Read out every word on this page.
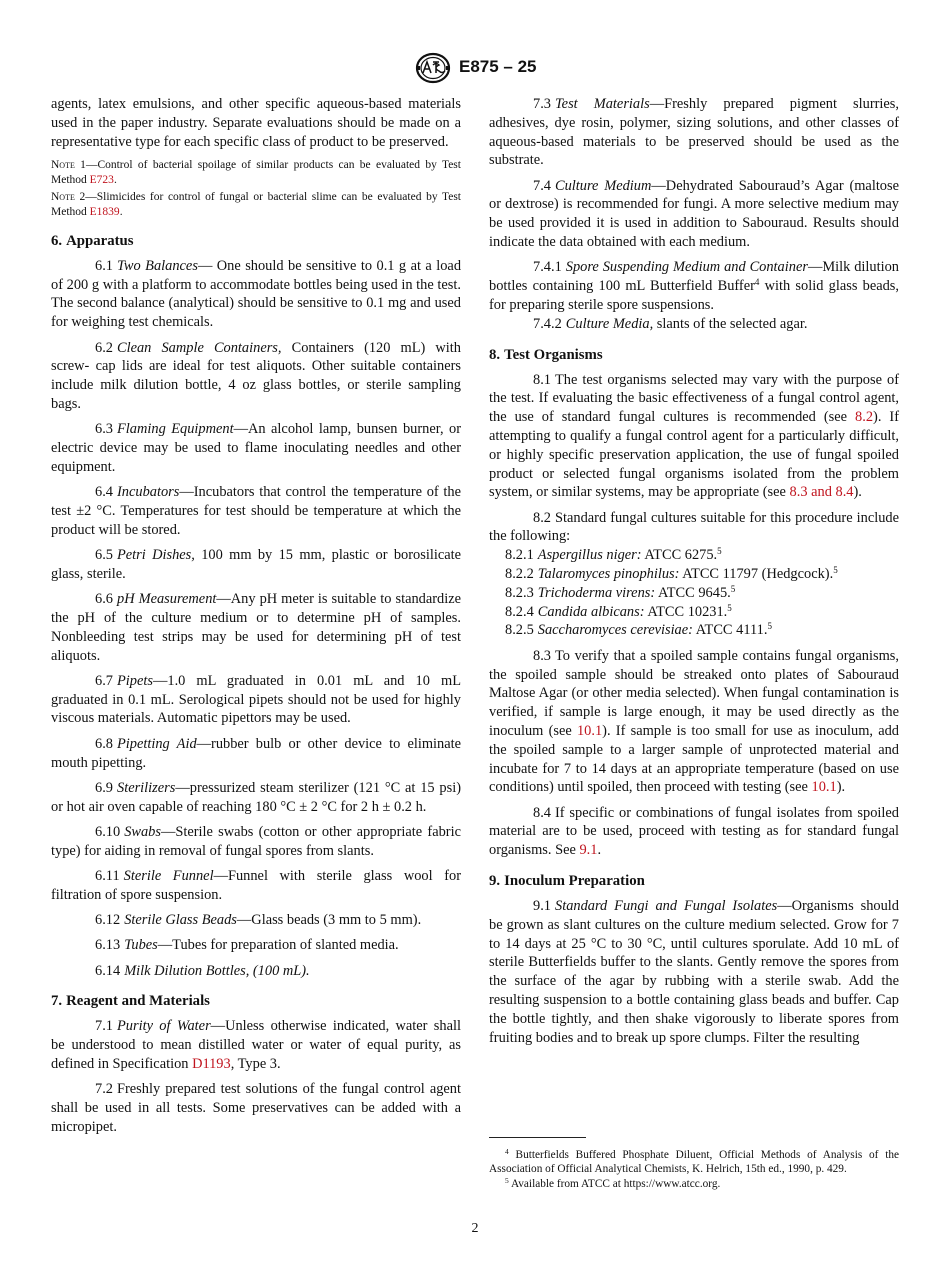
E875 – 25

agents, latex emulsions, and other specific aqueous-based materials used in the paper industry. Separate evaluations should be made on a representative type for each specific class of product to be preserved.

Note 1—Control of bacterial spoilage of similar products can be evaluated by Test Method E723.

Note 2—Slimicides for control of fungal or bacterial slime can be evaluated by Test Method E1839.

6. Apparatus

6.1 Two Balances— One should be sensitive to 0.1 g at a load of 200 g with a platform to accommodate bottles being used in the test. The second balance (analytical) should be sensitive to 0.1 mg and used for weighing test chemicals.

6.2 Clean Sample Containers, Containers (120 mL) with screw- cap lids are ideal for test aliquots. Other suitable containers include milk dilution bottle, 4 oz glass bottles, or sterile sampling bags.

6.3 Flaming Equipment—An alcohol lamp, bunsen burner, or electric device may be used to flame inoculating needles and other equipment.

6.4 Incubators—Incubators that control the temperature of the test ±2 °C. Temperatures for test should be temperature at which the product will be stored.

6.5 Petri Dishes, 100 mm by 15 mm, plastic or borosilicate glass, sterile.

6.6 pH Measurement—Any pH meter is suitable to standardize the pH of the culture medium or to determine pH of samples. Nonbleeding test strips may be used for determining pH of test aliquots.

6.7 Pipets—1.0 mL graduated in 0.01 mL and 10 mL graduated in 0.1 mL. Serological pipets should not be used for highly viscous materials. Automatic pipettors may be used.

6.8 Pipetting Aid—rubber bulb or other device to eliminate mouth pipetting.

6.9 Sterilizers—pressurized steam sterilizer (121 °C at 15 psi) or hot air oven capable of reaching 180 °C ± 2 °C for 2 h ± 0.2 h.

6.10 Swabs—Sterile swabs (cotton or other appropriate fabric type) for aiding in removal of fungal spores from slants.

6.11 Sterile Funnel—Funnel with sterile glass wool for filtration of spore suspension.

6.12 Sterile Glass Beads—Glass beads (3 mm to 5 mm).

6.13 Tubes—Tubes for preparation of slanted media.

6.14 Milk Dilution Bottles, (100 mL).

7. Reagent and Materials

7.1 Purity of Water—Unless otherwise indicated, water shall be understood to mean distilled water or water of equal purity, as defined in Specification D1193, Type 3.

7.2 Freshly prepared test solutions of the fungal control agent shall be used in all tests. Some preservatives can be added with a micropipet.

7.3 Test Materials—Freshly prepared pigment slurries, adhesives, dye rosin, polymer, sizing solutions, and other classes of aqueous-based materials to be preserved should be used as the substrate.

7.4 Culture Medium—Dehydrated Sabouraud’s Agar (maltose or dextrose) is recommended for fungi. A more selective medium may be used provided it is used in addition to Sabouraud. Results should indicate the data obtained with each medium.

7.4.1 Spore Suspending Medium and Container—Milk dilution bottles containing 100 mL Butterfield Buffer$^4$ with solid glass beads, for preparing sterile spore suspensions.

7.4.2 Culture Media, slants of the selected agar.

8. Test Organisms

8.1 The test organisms selected may vary with the purpose of the test. If evaluating the basic effectiveness of a fungal control agent, the use of standard fungal cultures is recommended (see 8.2). If attempting to qualify a fungal control agent for a particularly difficult, or highly specific preservation application, the use of fungal spoiled product or selected fungal organisms isolated from the problem system, or similar systems, may be appropriate (see 8.3 and 8.4).

8.2 Standard fungal cultures suitable for this procedure include the following:

8.2.1 Aspergillus niger: ATCC 6275.$^5$

8.2.2 Talaromyces pinophilus: ATCC 11797 (Hedgcock).$^5$

8.2.3 Trichoderma virens: ATCC 9645.$^5$

8.2.4 Candida albicans: ATCC 10231.$^5$

8.2.5 Saccharomyces cerevisiae: ATCC 4111.$^5$

8.3 To verify that a spoiled sample contains fungal organisms, the spoiled sample should be streaked onto plates of Sabouraud Maltose Agar (or other media selected). When fungal contamination is verified, if sample is large enough, it may be used directly as the inoculum (see 10.1). If sample is too small for use as inoculum, add the spoiled sample to a larger sample of unprotected material and incubate for 7 to 14 days at an appropriate temperature (based on use conditions) until spoiled, then proceed with testing (see 10.1).

8.4 If specific or combinations of fungal isolates from spoiled material are to be used, proceed with testing as for standard fungal organisms. See 9.1.

9. Inoculum Preparation

9.1 Standard Fungi and Fungal Isolates—Organisms should be grown as slant cultures on the culture medium selected. Grow for 7 to 14 days at 25 °C to 30 °C, until cultures sporulate. Add 10 mL of sterile Butterfields buffer to the slants. Gently remove the spores from the surface of the agar by rubbing with a sterile swab. Add the resulting suspension to a bottle containing glass beads and buffer. Cap the bottle tightly, and then shake vigorously to liberate spores from fruiting bodies and to break up spore clumps. Filter the resulting

$^4$ Butterfields Buffered Phosphate Diluent, Official Methods of Analysis of the Association of Official Analytical Chemists, K. Helrich, 15th ed., 1990, p. 429.

$^5$ Available from ATCC at https://www.atcc.org.

2
